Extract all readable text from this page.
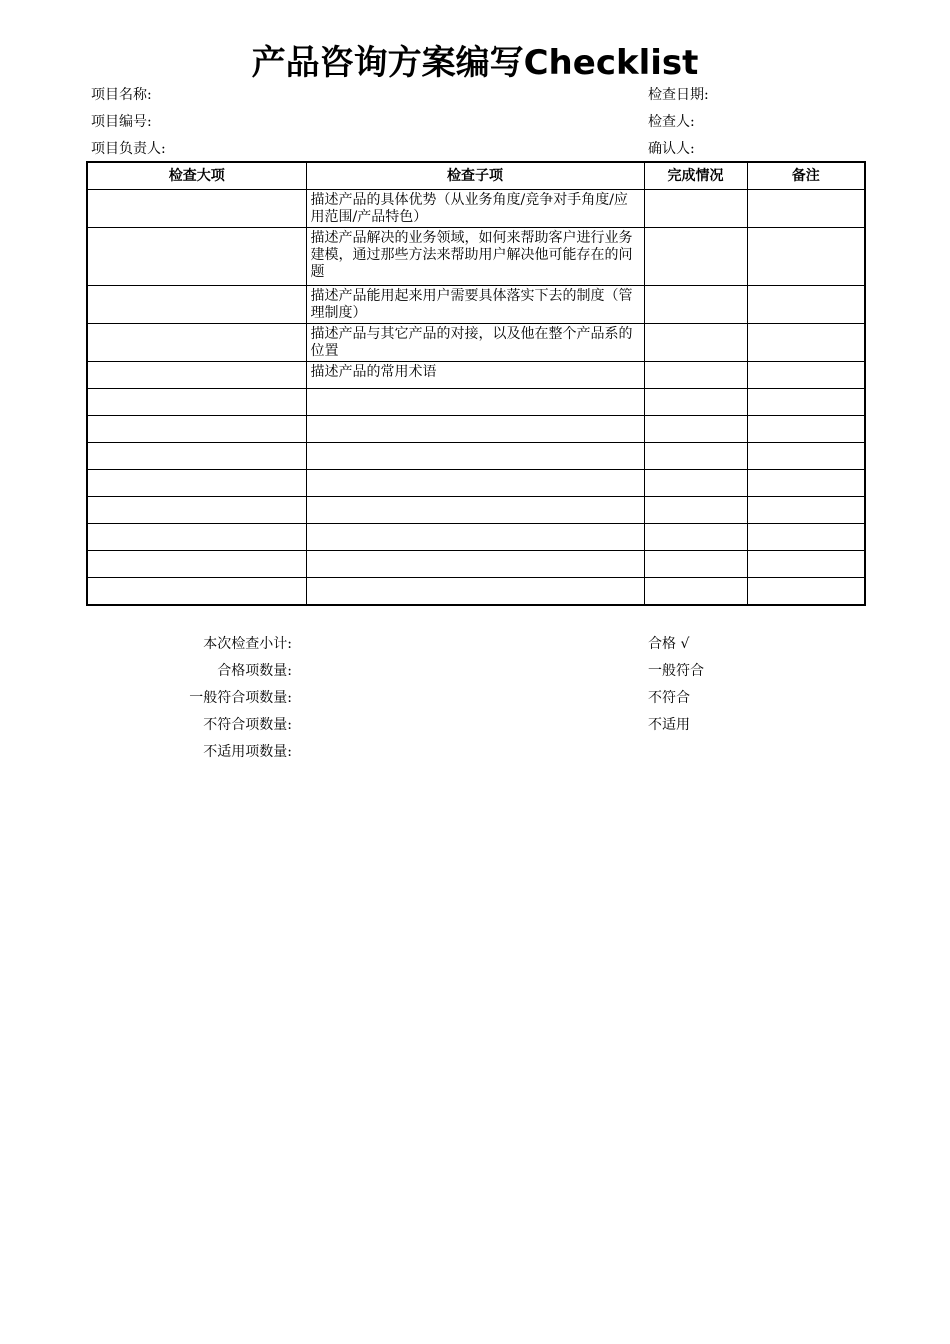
产品咨询方案编写Checklist
项目名称:
项目编号:
项目负责人:
检查日期:
检查人:
确认人:
检查大项	检查子项	完成情况	备注
	描述产品的具体优势（从业务角度/竞争对手角度/应用范围/产品特色）		
	描述产品解决的业务领域，如何来帮助客户进行业务建模，通过那些方法来帮助用户解决他可能存在的问题		
	描述产品能用起来用户需要具体落实下去的制度（管理制度）		
	描述产品与其它产品的对接，以及他在整个产品系的位置		
	描述产品的常用术语		

本次检查小计:
合格项数量:
一般符合项数量:
不符合项数量:
不适用项数量:
合格 √
一般符合
不符合
不适用
